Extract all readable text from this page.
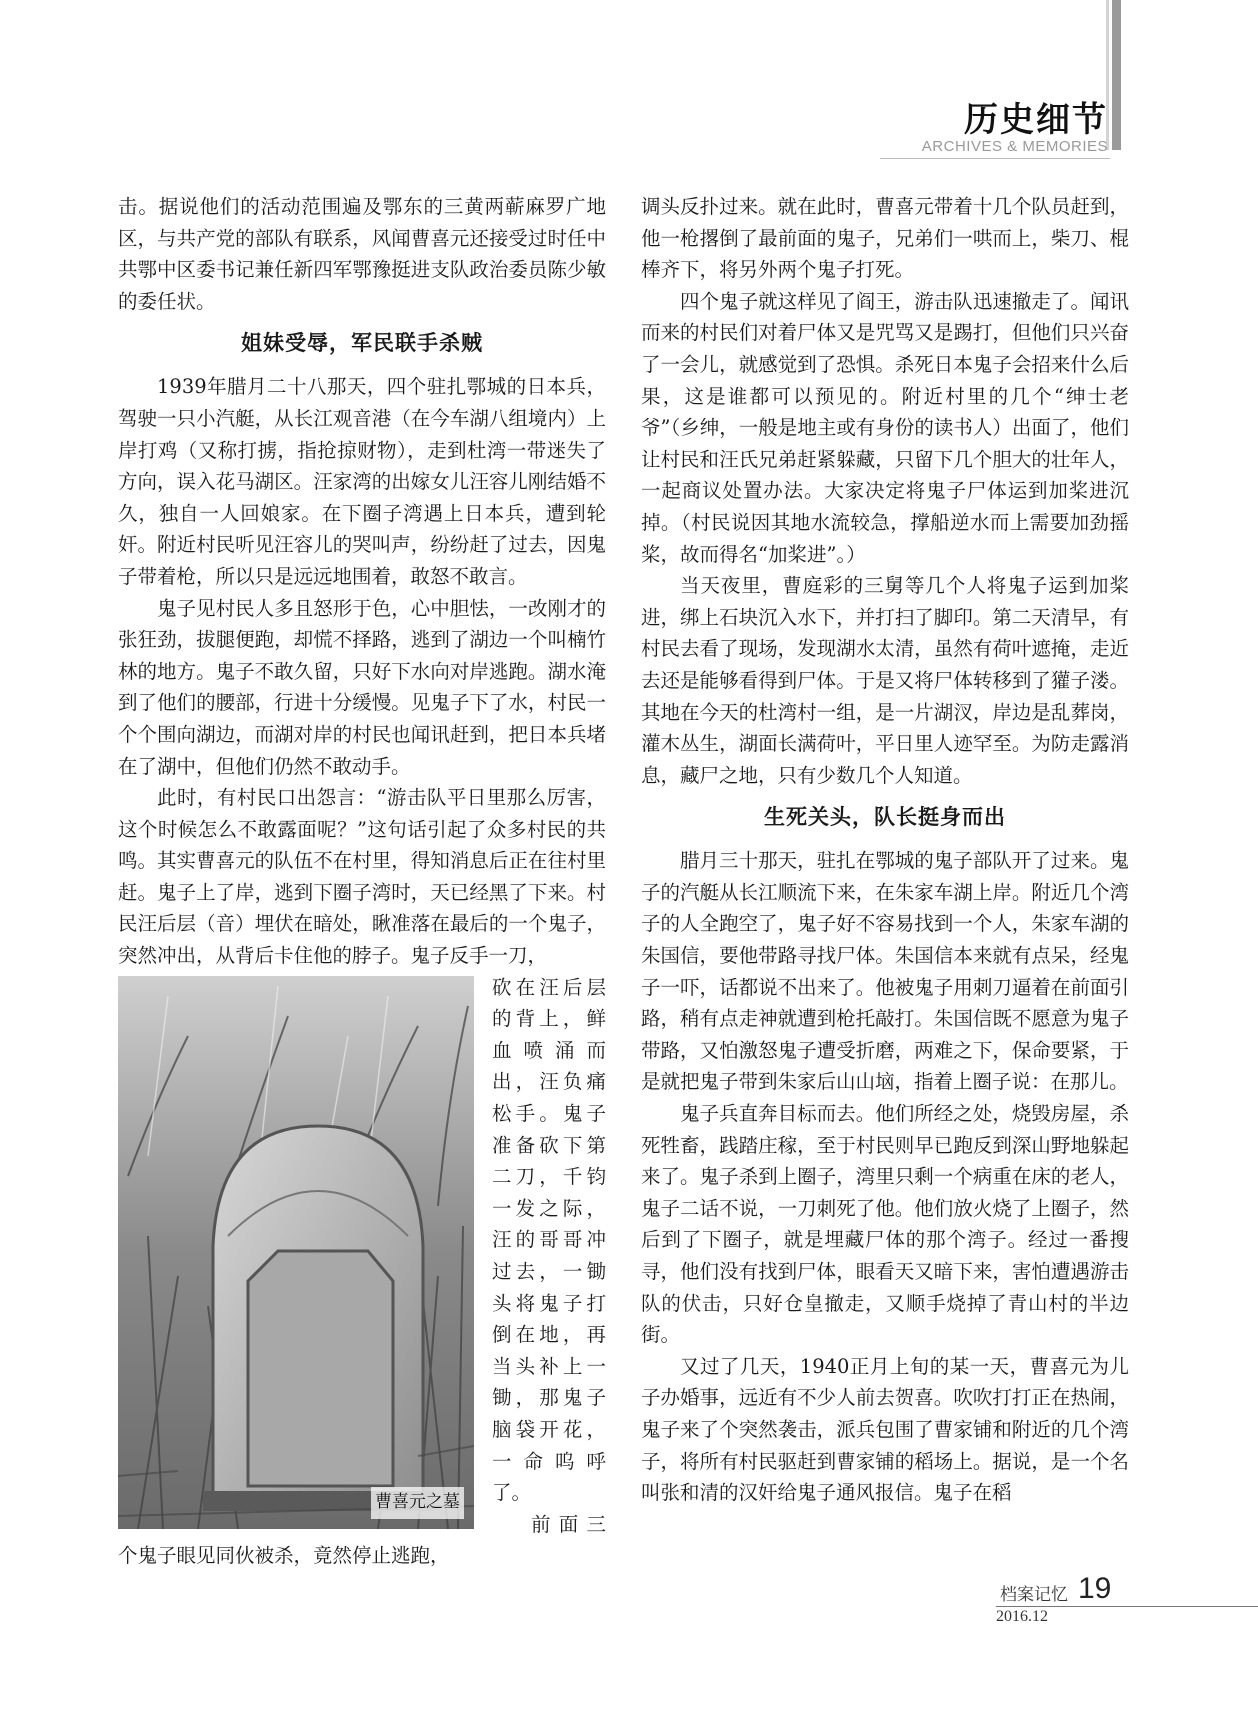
历史细节
ARCHIVES & MEMORIES

击。据说他们的活动范围遍及鄂东的三黄两蕲麻罗广地区，与共产党的部队有联系，风闻曹喜元还接受过时任中共鄂中区委书记兼任新四军鄂豫挺进支队政治委员陈少敏的委任状。

姐妹受辱，军民联手杀贼

1939年腊月二十八那天，四个驻扎鄂城的日本兵，驾驶一只小汽艇，从长江观音港（在今车湖八组境内）上岸打鸡（又称打掳，指抢掠财物），走到杜湾一带迷失了方向，误入花马湖区。汪家湾的出嫁女儿汪容儿刚结婚不久，独自一人回娘家。在下圈子湾遇上日本兵，遭到轮奸。附近村民听见汪容儿的哭叫声，纷纷赶了过去，因鬼子带着枪，所以只是远远地围着，敢怒不敢言。

鬼子见村民人多且怒形于色，心中胆怯，一改刚才的张狂劲，拔腿便跑，却慌不择路，逃到了湖边一个叫楠竹林的地方。鬼子不敢久留，只好下水向对岸逃跑。湖水淹到了他们的腰部，行进十分缓慢。见鬼子下了水，村民一个个围向湖边，而湖对岸的村民也闻讯赶到，把日本兵堵在了湖中，但他们仍然不敢动手。

此时，有村民口出怨言：“游击队平日里那么厉害，这个时候怎么不敢露面呢？”这句话引起了众多村民的共鸣。其实曹喜元的队伍不在村里，得知消息后正在往村里赶。鬼子上了岸，逃到下圈子湾时，天已经黑了下来。村民汪后层（音）埋伏在暗处，瞅准落在最后的一个鬼子，突然冲出，从背后卡住他的脖子。鬼子反手一刀，

曹喜元之墓
砍在汪后层的背上，鲜血喷涌而出，汪负痛松手。鬼子准备砍下第二刀，千钧一发之际，汪的哥哥冲过去，一锄头将鬼子打倒在地，再当头补上一锄，那鬼子脑袋开花，一命呜呼了。

前面三个鬼子眼见同伙被杀，竟然停止逃跑，

调头反扑过来。就在此时，曹喜元带着十几个队员赶到，他一枪撂倒了最前面的鬼子，兄弟们一哄而上，柴刀、棍棒齐下，将另外两个鬼子打死。

四个鬼子就这样见了阎王，游击队迅速撤走了。闻讯而来的村民们对着尸体又是咒骂又是踢打，但他们只兴奋了一会儿，就感觉到了恐惧。杀死日本鬼子会招来什么后果，这是谁都可以预见的。附近村里的几个“绅士老爷”（乡绅，一般是地主或有身份的读书人）出面了，他们让村民和汪氏兄弟赶紧躲藏，只留下几个胆大的壮年人，一起商议处置办法。大家决定将鬼子尸体运到加桨进沉掉。（村民说因其地水流较急，撑船逆水而上需要加劲摇桨，故而得名“加桨进”。）

当天夜里，曹庭彩的三舅等几个人将鬼子运到加桨进，绑上石块沉入水下，并打扫了脚印。第二天清早，有村民去看了现场，发现湖水太清，虽然有荷叶遮掩，走近去还是能够看得到尸体。于是又将尸体转移到了獾子溇。其地在今天的杜湾村一组，是一片湖汊，岸边是乱葬岗，灌木丛生，湖面长满荷叶，平日里人迹罕至。为防走露消息，藏尸之地，只有少数几个人知道。

生死关头，队长挺身而出

腊月三十那天，驻扎在鄂城的鬼子部队开了过来。鬼子的汽艇从长江顺流下来，在朱家车湖上岸。附近几个湾子的人全跑空了，鬼子好不容易找到一个人，朱家车湖的朱国信，要他带路寻找尸体。朱国信本来就有点呆，经鬼子一吓，话都说不出来了。他被鬼子用刺刀逼着在前面引路，稍有点走神就遭到枪托敲打。朱国信既不愿意为鬼子带路，又怕激怒鬼子遭受折磨，两难之下，保命要紧，于是就把鬼子带到朱家后山山垴，指着上圈子说：在那儿。

鬼子兵直奔目标而去。他们所经之处，烧毁房屋，杀死牲畜，践踏庄稼，至于村民则早已跑反到深山野地躲起来了。鬼子杀到上圈子，湾里只剩一个病重在床的老人，鬼子二话不说，一刀刺死了他。他们放火烧了上圈子，然后到了下圈子，就是埋藏尸体的那个湾子。经过一番搜寻，他们没有找到尸体，眼看天又暗下来，害怕遭遇游击队的伏击，只好仓皇撤走，又顺手烧掉了青山村的半边街。

又过了几天，1940正月上旬的某一天，曹喜元为儿子办婚事，远近有不少人前去贺喜。吹吹打打正在热闹，鬼子来了个突然袭击，派兵包围了曹家铺和附近的几个湾子，将所有村民驱赶到曹家铺的稻场上。据说，是一个名叫张和清的汉奸给鬼子通风报信。鬼子在稻

档案记忆 19
2016.12
